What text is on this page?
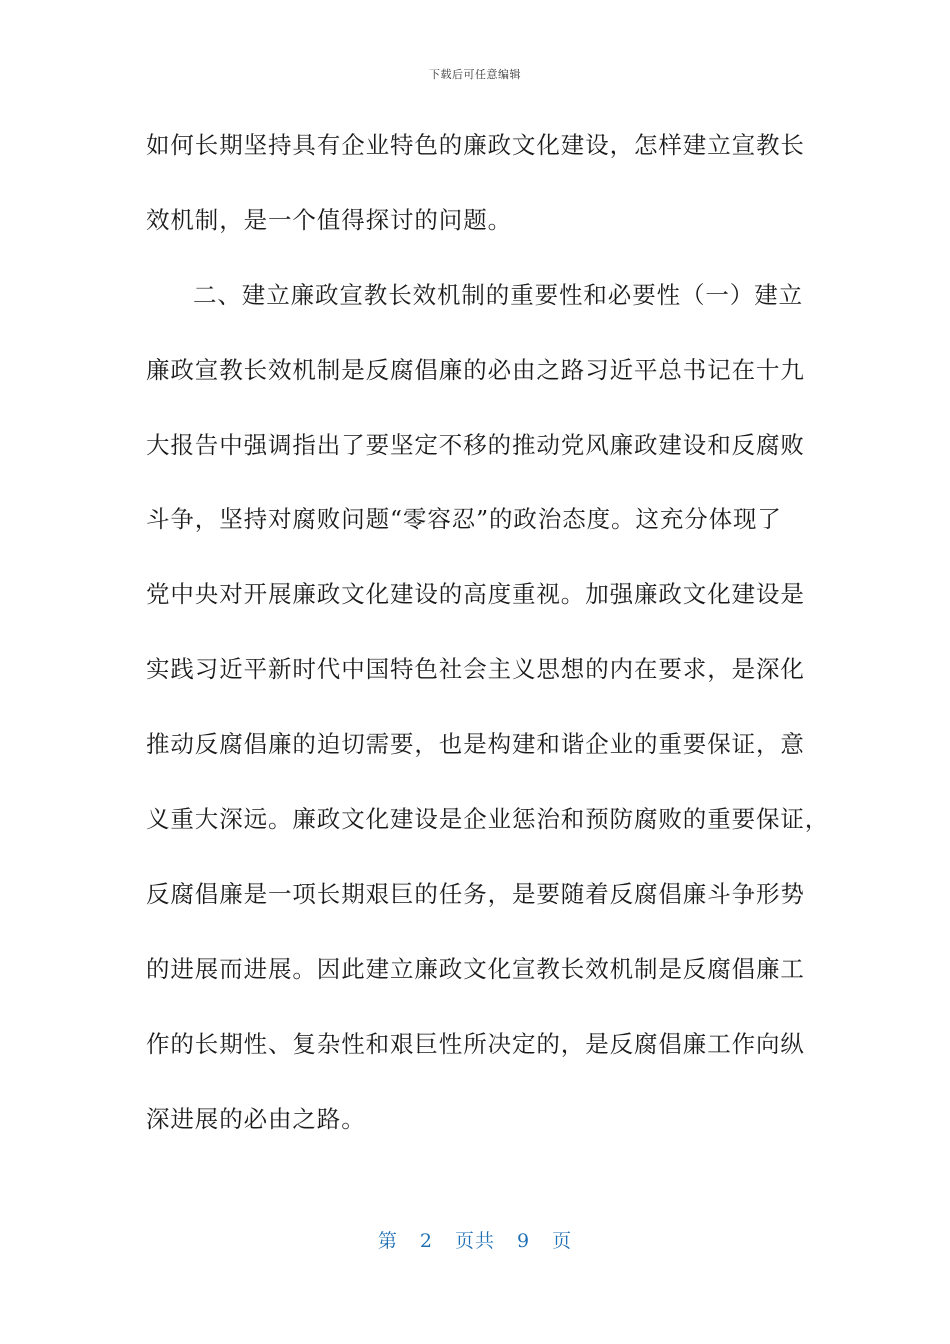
下载后可任意编辑
如何长期坚持具有企业特色的廉政文化建设，怎样建立宣教长
效机制，是一个值得探讨的问题。
二、建立廉政宣教长效机制的重要性和必要性（一）建立
廉政宣教长效机制是反腐倡廉的必由之路习近平总书记在十九
大报告中强调指出了要坚定不移的推动党风廉政建设和反腐败
斗争，坚持对腐败问题“零容忍”的政治态度。这充分体现了
党中央对开展廉政文化建设的高度重视。加强廉政文化建设是
实践习近平新时代中国特色社会主义思想的内在要求，是深化
推动反腐倡廉的迫切需要，也是构建和谐企业的重要保证，意
义重大深远。廉政文化建设是企业惩治和预防腐败的重要保证，
反腐倡廉是一项长期艰巨的任务，是要随着反腐倡廉斗争形势
的进展而进展。因此建立廉政文化宣教长效机制是反腐倡廉工
作的长期性、复杂性和艰巨性所决定的，是反腐倡廉工作向纵
深进展的必由之路。
第 2 页共 9 页
